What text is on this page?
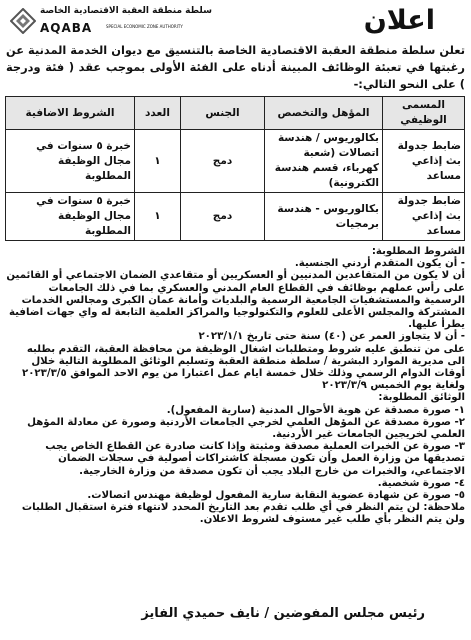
اعلان
سلطة منطقة العقبة الاقتصادية الخاصة
AQABA	SPECIAL ECONOMIC ZONE AUTHORITY
تعلن سلطة منطقة العقبة الاقتصادية الخاصة بالتنسيق مع ديوان الخدمة المدنية عن رغبتها في تعبئة الوظائف المبينة أدناه على الفئة الأولى بموجب عقد ( فئة ودرجة ) على النحو التالي:-
المسمى الوظيفي	المؤهل والتخصص	الجنس	العدد	الشروط الاضافية
ضابط جدولة بث إذاعي مساعد	بكالوريوس / هندسة اتصالات (شعبة كهرباء، قسم هندسة الكترونية)	دمج	١	خبرة ٥ سنوات في مجال الوظيفة المطلوبة
ضابط جدولة بث إذاعي مساعد	بكالوريوس - هندسة برمجيات	دمج	١	خبرة ٥ سنوات في مجال الوظيفة المطلوبة
الشروط المطلوبة:
- أن يكون المتقدم أردني الجنسية.
أن لا يكون من المتقاعدين المدنيين أو العسكريين أو متقاعدي الضمان الاجتماعي أو القائمين على رأس عملهم بوظائف في القطاع العام المدني والعسكري بما في ذلك الجامعات الرسمية والمستشفيات الجامعية الرسمية والبلديات وأمانة عمان الكبرى ومجالس الخدمات المشتركة والمجلس الأعلى للعلوم والتكنولوجيا والمراكز العلمية التابعة له واي جهات اضافية يطرأ عليها.
- أن لا يتجاوز العمر عن (٤٠) سنة حتى تاريخ ٢٠٢٣/١/١
على من تنطبق عليه شروط ومتطلبات اشغال الوظيفة من محافظة العقبة، التقدم بطلبه الى مديرية الموارد البشرية / سلطة منطقة العقبة وتسليم الوثائق المطلوبة التالية خلال أوقات الدوام الرسمي وذلك خلال خمسة ايام عمل اعتبارا من يوم الاحد الموافق ٢٠٢٣/٣/٥ ولغاية يوم الخميس ٢٠٢٣/٣/٩
الوثائق المطلوبة:
١- صورة مصدقة عن هوية الأحوال المدنية (سارية المفعول).
٢- صورة مصدقة عن المؤهل العلمي لخرجي الجامعات الأردنية وصورة عن معادلة المؤهل العلمي لخريجين الجامعات غير الأردنية.
٣- صورة عن الخبرات العملية مصدقة ومثبتة وإذا كانت صادرة عن القطاع الخاص يجب تصديقها من وزارة العمل وأن تكون مسجلة كاشتراكات أصولية في سجلات الضمان الاجتماعي، والخبرات من خارج البلاد يجب أن تكون مصدقة من وزارة الخارجية.
٤- صورة شخصية.
٥- صورة عن شهادة عضوية النقابة سارية المفعول لوظيفة مهندس اتصالات.
ملاحظة: لن يتم النظر في أي طلب تقدم بعد التاريخ المحدد لانتهاء فترة استقبال الطلبات ولن يتم النظر بأي طلب غير مستوف لشروط الاعلان.
رئيس مجلس المفوضين / نايف حميدي الفايز
